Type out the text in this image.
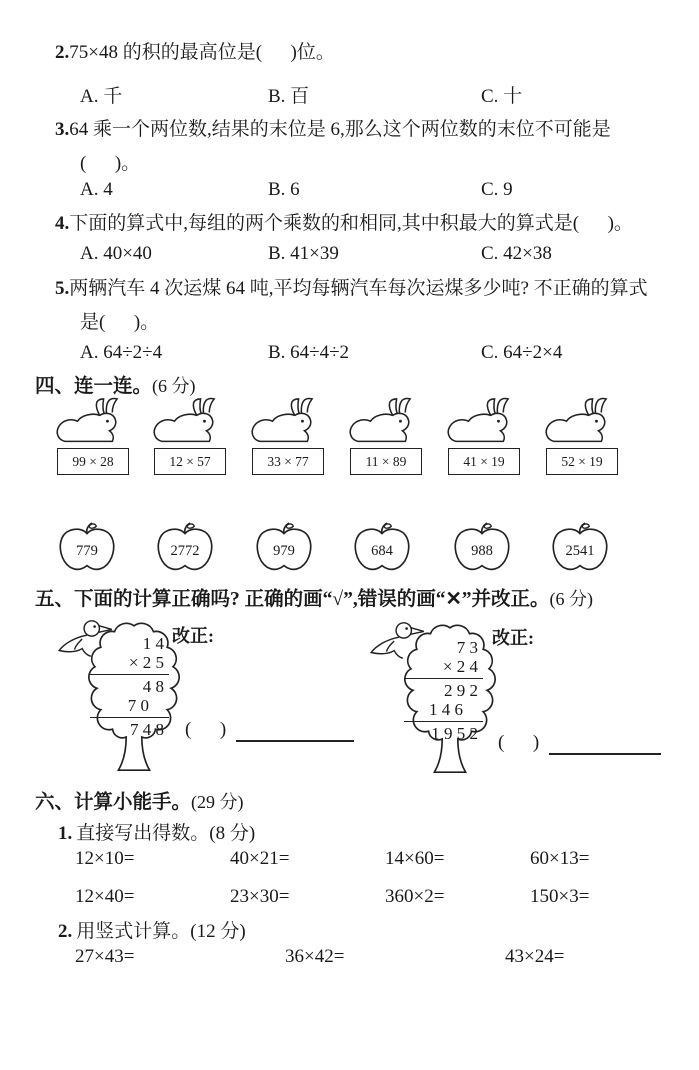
2.75×48 的积的最高位是(      )位。
A. 千	B. 百	C. 十
3.64 乘一个两位数,结果的末位是 6,那么这个两位数的末位不可能是
(      )。
A. 4	B. 6	C. 9
4.下面的算式中,每组的两个乘数的和相同,其中积最大的算式是(      )。
A. 40×40	B. 41×39	C. 42×38
5.两辆汽车 4 次运煤 64 吨,平均每辆汽车每次运煤多少吨? 不正确的算式
是(      )。
A. 64÷2÷4	B. 64÷4÷2	C. 64÷2×4
四、连一连。(6 分)
99 × 28	12 × 57	33 × 77	11 × 89	41 × 19	52 × 19
779	2772	979	684	988	2541
五、下面的计算正确吗? 正确的画“√”,错误的画“✕”并改正。(6 分)
1 4
× 2 5
4 8
7 0
7 4 8
改正:
(      )
7 3
× 2 4
2 9 2
1 4 6
1 9 5 2
改正:
(      )
六、计算小能手。(29 分)
1. 直接写出得数。(8 分)
12×10=	40×21=	14×60=	60×13=
12×40=	23×30=	360×2=	150×3=
2. 用竖式计算。(12 分)
27×43=	36×42=	43×24=
